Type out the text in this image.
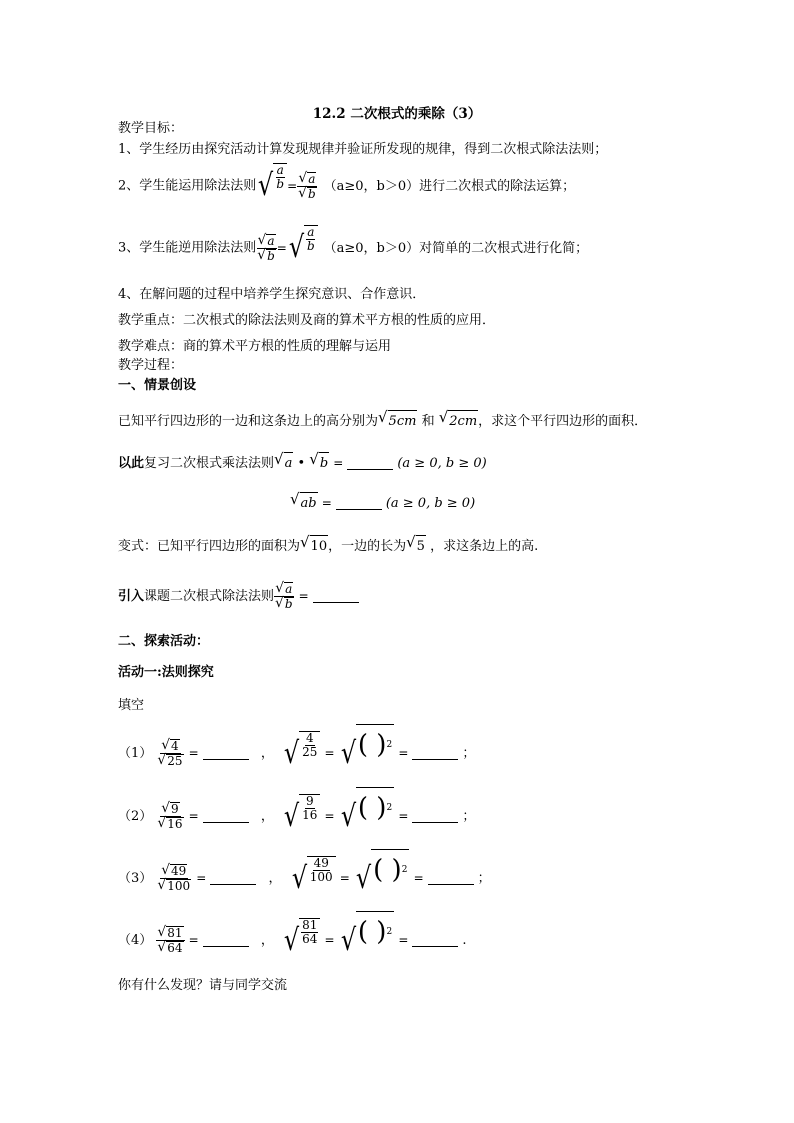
12.2 二次根式的乘除（3）
教学目标：
1、学生经历由探究活动计算发现规律并验证所发现的规律，得到二次根式除法法则；
2、学生能运用除法法则 √ $\frac{a}{b} = \frac{√ a}{√ b} (a\ge 0$，b＞0）进行二次根式的除法运算；
3、学生能逆用除法法则 $\frac{√ a}{√ b}$ = √ $\frac{a}{b} (a\ge 0$，b＞0）对简单的二次根式进行化简；
4、在解问题的过程中培养学生探究意识、合作意识．
教学重点：二次根式的除法法则及商的算术平方根的性质的应用．
教学难点：商的算术平方根的性质的理解与运用
教学过程：
一、情景创设
已知平行四边形的一边和这条边上的高分别为 √ 5cm 和 √ 2cm ，求这个平行四边形的面积．
以此复习二次根式乘法法则 √ a • √ b =	(a ≥ 0, b ≥ 0)
√ ab =	(a ≥ 0, b ≥ 0)
变式：已知平行四边形的面积为 √ 10 ，一边的长为 √ 5 ，求这条边上的高.
引入课题二次根式除法法则 $\frac{√ a}{√ b}$ =
二、探索活动：
活动一:法则探究
填空
$(1) \frac{√ 4}{√ 25}$ =	， √ $\frac{4}{25}$ = √ ( ) 2
=	；
$(2) \frac{√ 9}{√ 16}$ =	， √ $\frac{9}{16}$ = √ ( ) 2
=	；
$(3) \frac{√ 49}{√ 100}$ =	， √ $\frac{49}{100}$ = √ ( ) 2
=	；
$(4) \frac{√ 81}{√ 64}$ =	， √ $\frac{81}{64}$ = √ ( ) 2
=	.
你有什么发现？请与同学交流
